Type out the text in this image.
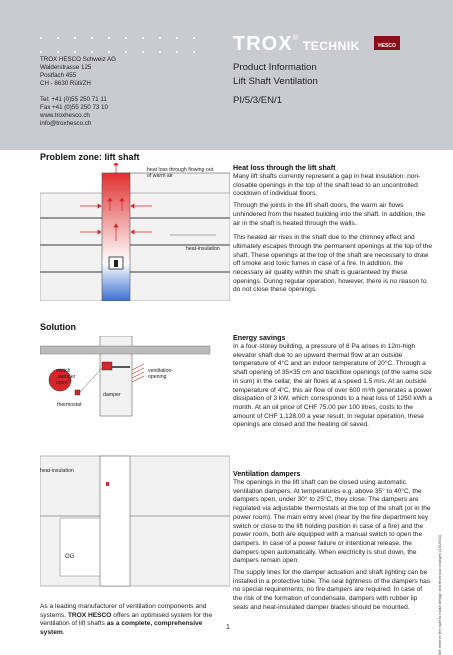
TROX HESCO Schweiz AG
Walderstrasse 125
Postfach 455
CH - 8630 Rüti/ZH
Tel: +41 (0)55 250 71 11
Fax +41 (0)55 250 73 10
www.troxhesco.ch
info@troxhesco.ch
TROX® TECHNIK	HESCO
Product Information
Lift Shaft Ventilation
PI/5/3/EN/1
Problem zone: lift shaft
heat loss through flowing out of warm air
heat-insulation
Heat loss through the lift shaft

Many lift shafts currently represent a gap in heat insulation: non-closable openings in the top of the shaft lead to an uncontrolled cooldown of individual floors.

Through the joints in the lift shaft doors, the warm air flows unhindered from the heated building into the shaft. In addition, the air in the shaft is heated through the walls.

This heated air rises in the shaft due to the chimney effect and ultimately escapes through the permanent openings at the top of the shaft. These openings at the top of the shaft are necessary to draw off smoke and toxic fumes in case of a fire. In addition, the necessary air quality within the shaft is guaranteed by these openings. During regular operation, however, there is no reason to do not close these openings.

Solution
switch „damper open"
thermostat
damper
ventilation-opening
heat-insulation
OG

As a leading manufacturer of ventilation components and systems, TROX HESCO offers an optimised system for the ventilation of lift shafts as a complete, comprehensive system.

Energy savings

In a four-storey building, a pressure of 8 Pa arises in 12m-high elevator shaft due to an upward thermal flow at an outside temperature of 4°C and an indoor temperature of 20°C. Through a shaft opening of 35×35 cm and backflow openings (of the same size in sum) in the cellar, the air flows at a speed 1.5 m/s. At an outside temperature of 4°C, this air flow of over 600 m³/h generates a power dissipation of 3 kW, which corresponds to a heat loss of 1250 kWh a month. At an oil price of CHF 75.00 per 100 litres, costs to the amount of CHF 1,128.00 a year result. In regular operation, these openings are closed and the heating oil saved.

Ventilation dampers

The openings in the lift shaft can be closed using automatic ventilation dampers. At temperatures e.g. above 35° to 40°C, the dampers open, under 30° to 25°C, they close. The dampers are regulated via adjustable thermostats at the top of the shaft (or in the power room). The main entry level (near by the fire department key switch or close to the lift holding position in case of a fire) and the power room, both are equipped with a manual switch to open the dampers. In case of a power failure or intentional release, the dampers open automatically. When electricity is shut down, the dampers remain open.

The supply lines for the damper actuation and shaft lighting can be installed in a protective tube. The seal tightness of the dampers has no special requirements; no fire dampers are required. In case of the risk of the formation of condensate, dampers with rubber lip seals and heat-insulated damper blades should be mounted.	We reserve the right to make design and technical changes (10/2003)
1
